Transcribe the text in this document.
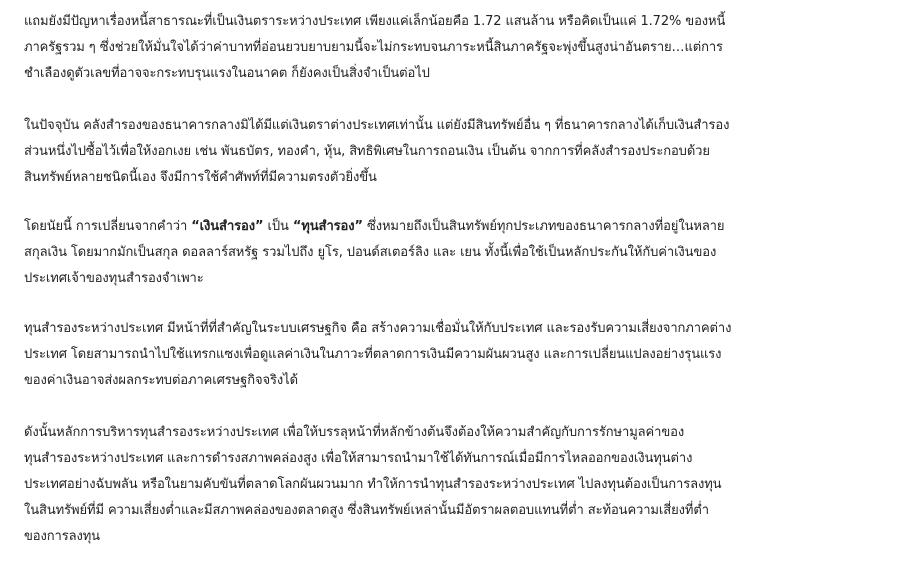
แถมยังมีปัญหาเรื่องหนี้สาธารณะที่เป็นเงินตราระหว่างประเทศ เพียงแค่เล็กน้อยคือ 1.72 แสนล้าน หรือคิดเป็นแค่ 1.72% ของหนี้
ภาครัฐรวม ๆ ซึ่งช่วยให้มั่นใจได้ว่าค่าบาทที่อ่อนยวบยาบยามนี้จะไม่กระทบจนภาระหนี้สินภาครัฐจะพุ่งขึ้นสูงน่าอันตราย…แต่การ
ชำเลืองดูตัวเลขที่อาจจะกระทบรุนแรงในอนาคต ก็ยังคงเป็นสิ่งจำเป็นต่อไป
ในปัจจุบัน คลังสำรองของธนาคารกลางมิได้มีแต่เงินตราต่างประเทศเท่านั้น แต่ยังมีสินทรัพย์อื่น ๆ ที่ธนาคารกลางได้เก็บเงินสำรอง
ส่วนหนึ่งไปซื้อไว้เพื่อให้งอกเงย เช่น พันธบัตร, ทองคำ, หุ้น, สิทธิพิเศษในการถอนเงิน เป็นต้น จากการที่คลังสำรองประกอบด้วย
สินทรัพย์หลายชนิดนี้เอง จึงมีการใช้คำศัพท์ที่มีความตรงตัวยิ่งขึ้น
โดยนัยนี้ การเปลี่ยนจากคำว่า “เงินสำรอง” เป็น “ทุนสำรอง” ซึ่งหมายถึงเป็นสินทรัพย์ทุกประเภทของธนาคารกลางที่อยู่ในหลาย
สกุลเงิน โดยมากมักเป็นสกุล ดอลลาร์สหรัฐ รวมไปถึง ยูโร, ปอนด์สเตอร์ลิง และ เยน ทั้งนี้เพื่อใช้เป็นหลักประกันให้กับค่าเงินของ
ประเทศเจ้าของทุนสำรองจำเพาะ
ทุนสำรองระหว่างประเทศ มีหน้าที่ที่สำคัญในระบบเศรษฐกิจ คือ สร้างความเชื่อมั่นให้กับประเทศ และรองรับความเสี่ยงจากภาคต่าง
ประเทศ โดยสามารถนำไปใช้แทรกแซงเพื่อดูแลค่าเงินในภาวะที่ตลาดการเงินมีความผันผวนสูง และการเปลี่ยนแปลงอย่างรุนแรง
ของค่าเงินอาจส่งผลกระทบต่อภาคเศรษฐกิจจริงได้
ดังนั้นหลักการบริหารทุนสำรองระหว่างประเทศ เพื่อให้บรรลุหน้าที่หลักข้างต้นจึงต้องให้ความสำคัญกับการรักษามูลค่าของ
ทุนสำรองระหว่างประเทศ และการดำรงสภาพคล่องสูง เพื่อให้สามารถนำมาใช้ได้ทันการณ์เมื่อมีการไหลออกของเงินทุนต่าง
ประเทศอย่างฉับพลัน หรือในยามคับขันที่ตลาดโลกผันผวนมาก ทำให้การนำทุนสำรองระหว่างประเทศ ไปลงทุนต้องเป็นการลงทุน
ในสินทรัพย์ที่มี ความเสี่ยงต่ำและมีสภาพคล่องของตลาดสูง ซึ่งสินทรัพย์เหล่านั้นมีอัตราผลตอบแทนที่ต่ำ สะท้อนความเสี่ยงที่ต่ำ
ของการลงทุน
